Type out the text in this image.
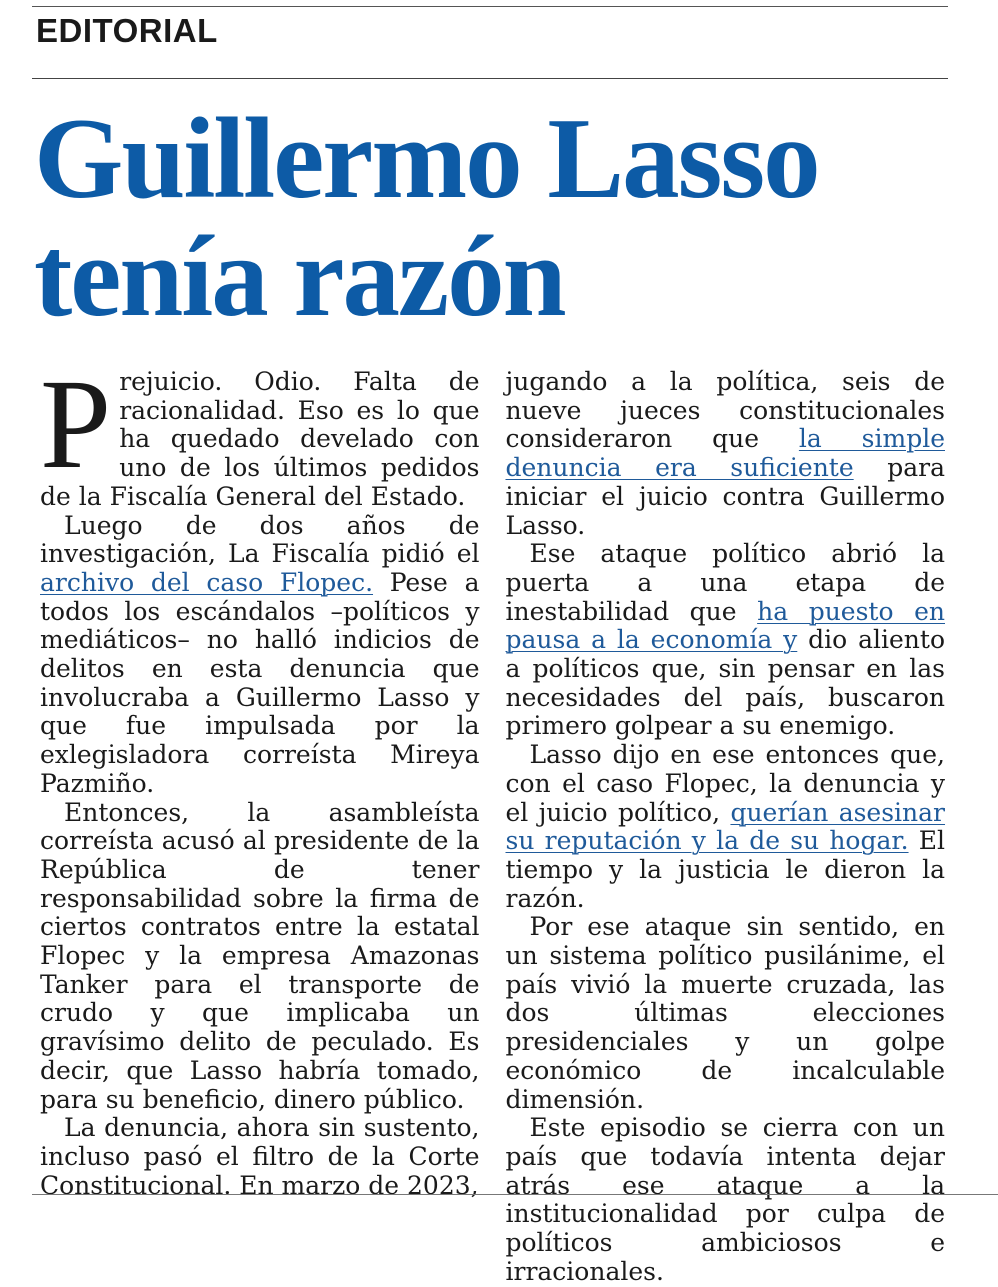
EDITORIAL
Guillermo Lasso tenía razón

Prejuicio. Odio. Falta de racionalidad. Eso es lo que ha quedado develado con uno de los últimos pedidos de la Fiscalía General del Estado.

Luego de dos años de investigación, La Fiscalía pidió el archivo del caso Flopec. Pese a todos los escándalos –políticos y mediáticos– no halló indicios de delitos en esta denuncia que involucraba a Guillermo Lasso y que fue impulsada por la exlegisladora correísta Mireya Pazmiño.

Entonces, la asambleísta correísta acusó al presidente de la República de tener responsabilidad sobre la firma de ciertos contratos entre la estatal Flopec y la empresa Amazonas Tanker para el transporte de crudo y que implicaba un gravísimo delito de peculado. Es decir, que Lasso habría tomado, para su beneficio, dinero público.

La denuncia, ahora sin sustento, incluso pasó el filtro de la Corte Constitucional. En marzo de 2023,

jugando a la política, seis de nueve jueces constitucionales consideraron que la simple denuncia era suficiente para iniciar el juicio contra Guillermo Lasso.

Ese ataque político abrió la puerta a una etapa de inestabilidad que ha puesto en pausa a la economía y dio aliento a políticos que, sin pensar en las necesidades del país, buscaron primero golpear a su enemigo.

Lasso dijo en ese entonces que, con el caso Flopec, la denuncia y el juicio político, querían asesinar su reputación y la de su hogar. El tiempo y la justicia le dieron la razón.

Por ese ataque sin sentido, en un sistema político pusilánime, el país vivió la muerte cruzada, las dos últimas elecciones presidenciales y un golpe económico de incalculable dimensión.

Este episodio se cierra con un país que todavía intenta dejar atrás ese ataque a la institucionalidad por culpa de políticos ambiciosos e irracionales.
